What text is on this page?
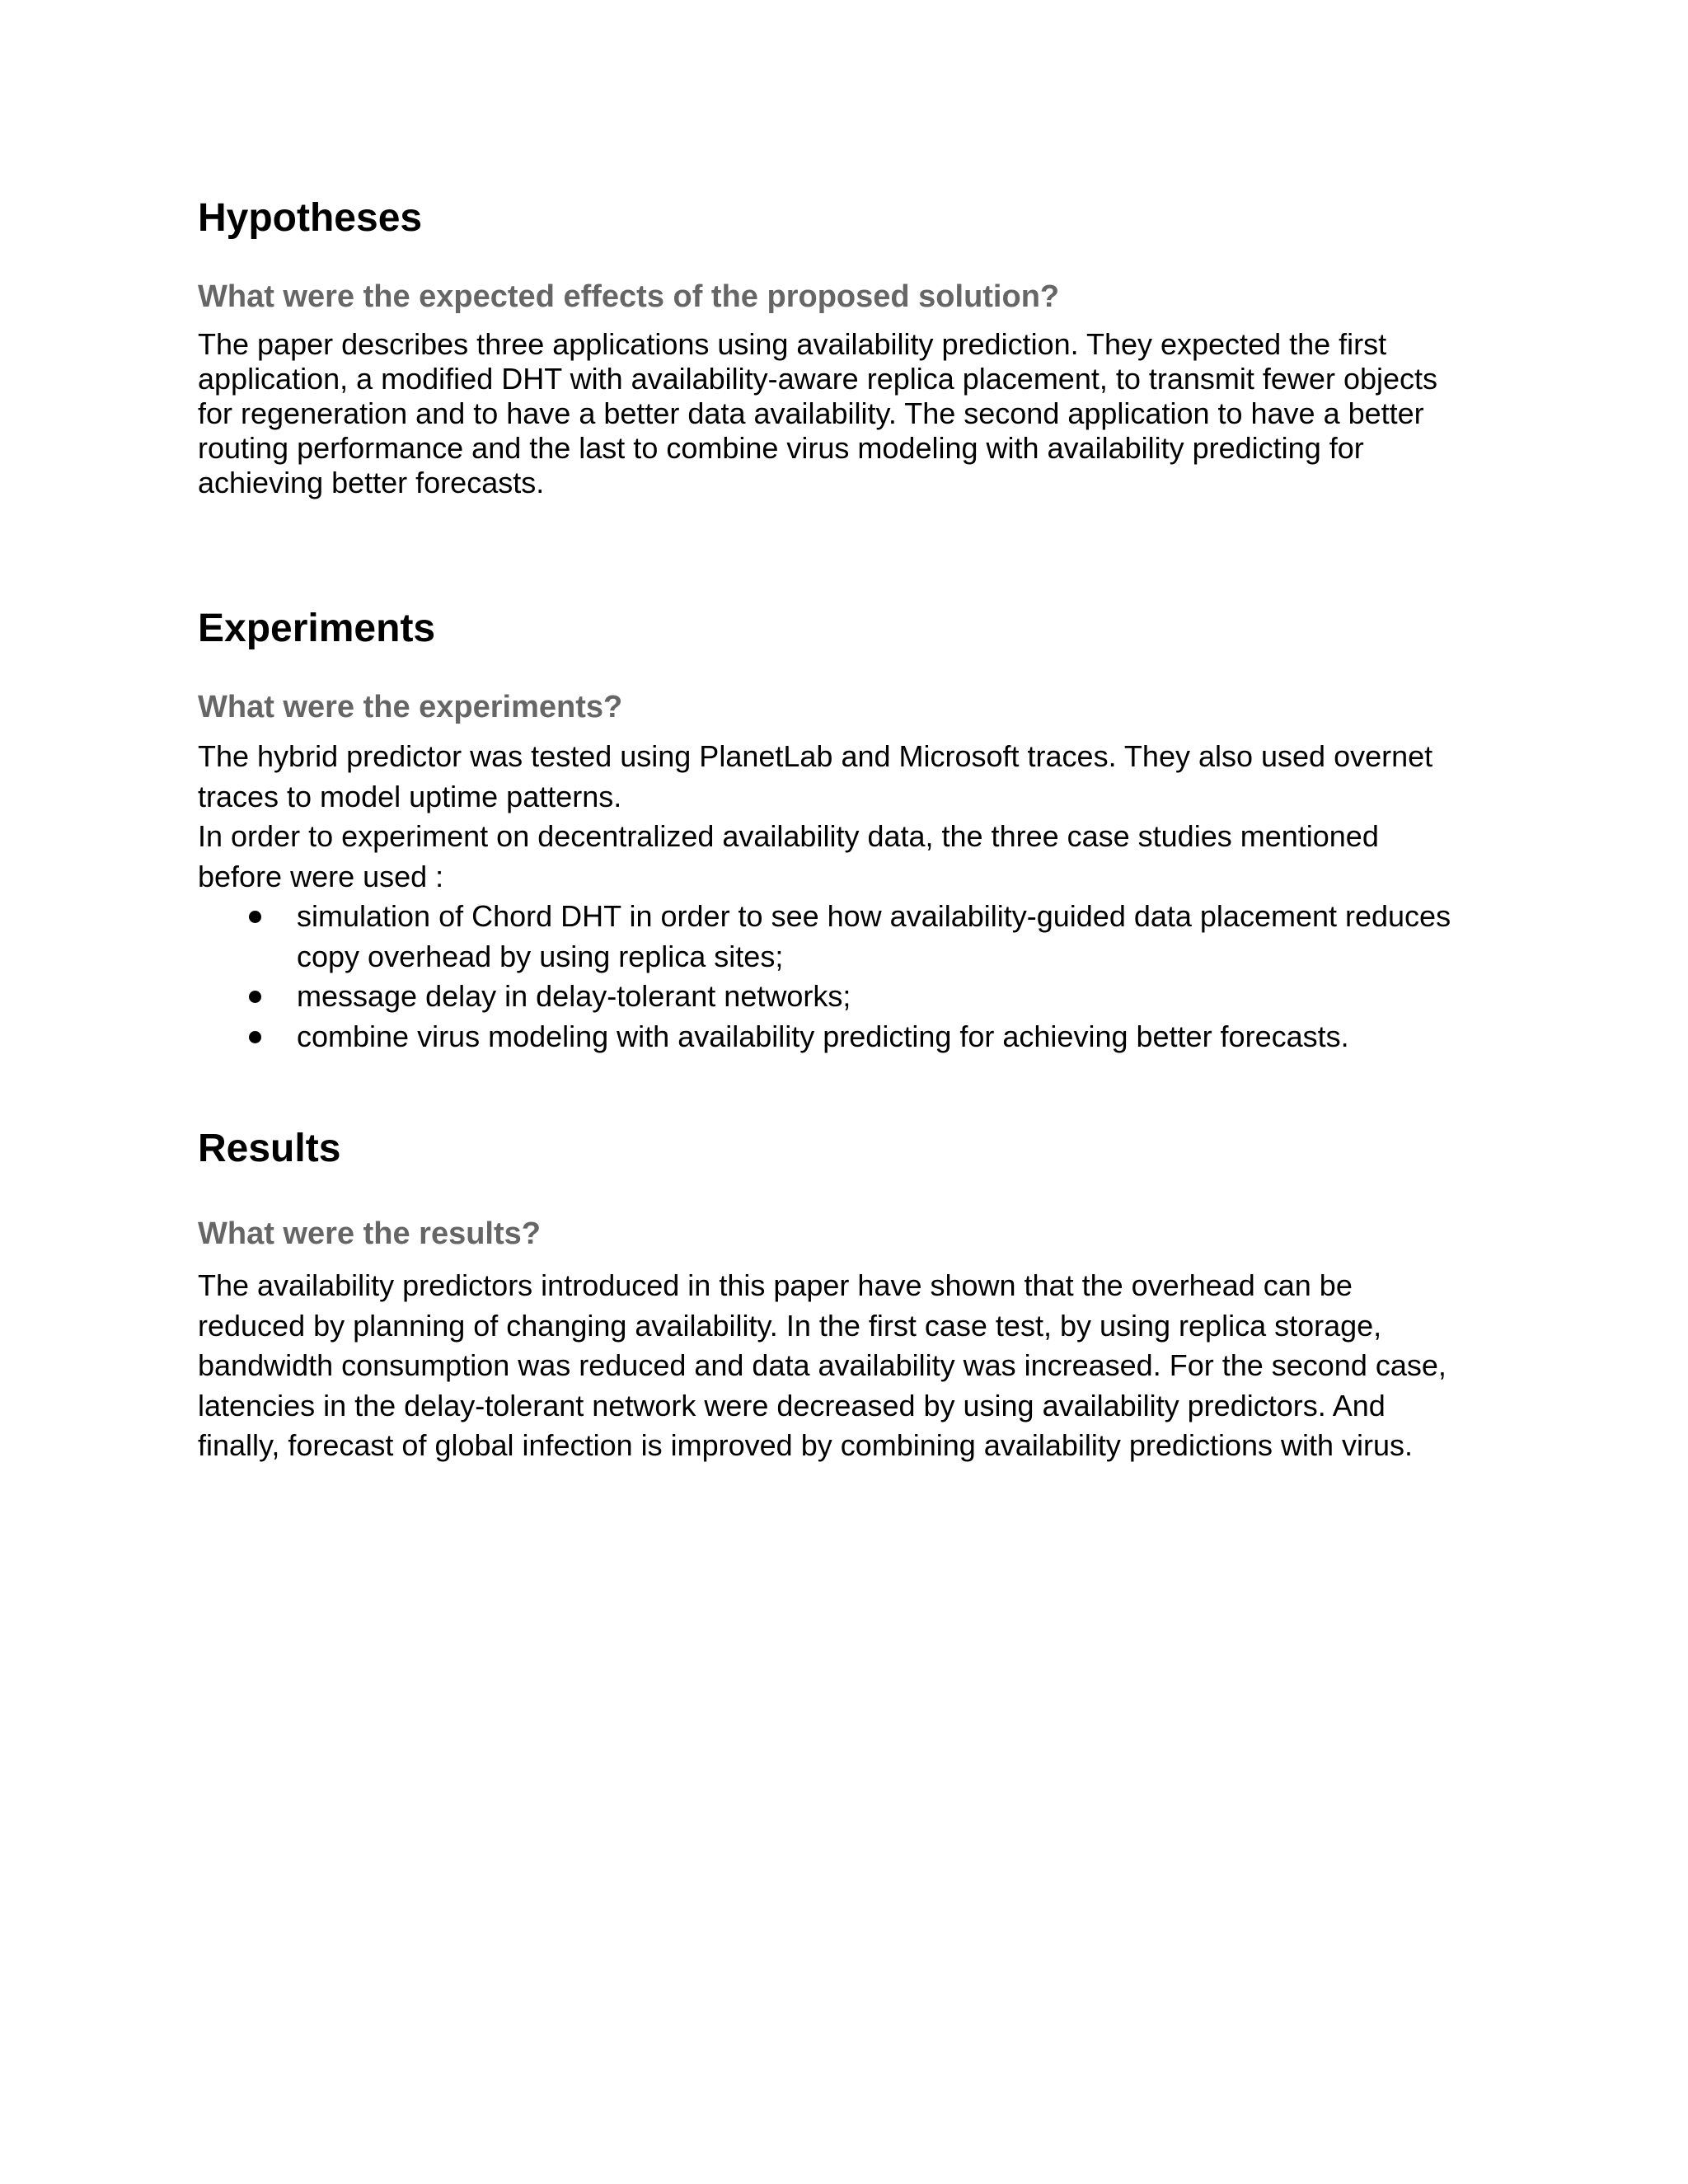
Hypotheses
What were the expected effects of the proposed solution?
The paper describes three applications using availability prediction. They expected the first
application, a modified DHT with availability-aware replica placement, to transmit fewer objects
for regeneration and to have a better data availability. The second application to have a better
routing performance and the last to combine virus modeling with availability predicting for
achieving better forecasts.
Experiments
What were the experiments?
The hybrid predictor was tested using PlanetLab and Microsoft traces. They also used overnet
traces to model uptime patterns.
In order to experiment on decentralized availability data, the three case studies mentioned
before were used :
simulation of Chord DHT in order to see how availability-guided data placement reduces
copy overhead by using replica sites;
message delay in delay-tolerant networks;
combine virus modeling with availability predicting for achieving better forecasts.
Results
What were the results?
The availability predictors introduced in this paper have shown that the overhead can be
reduced by planning of changing availability. In the first case test, by using replica storage,
bandwidth consumption was reduced and data availability was increased. For the second case,
latencies in the delay-tolerant network were decreased by using availability predictors. And
finally, forecast of global infection is improved by combining availability predictions with virus.
